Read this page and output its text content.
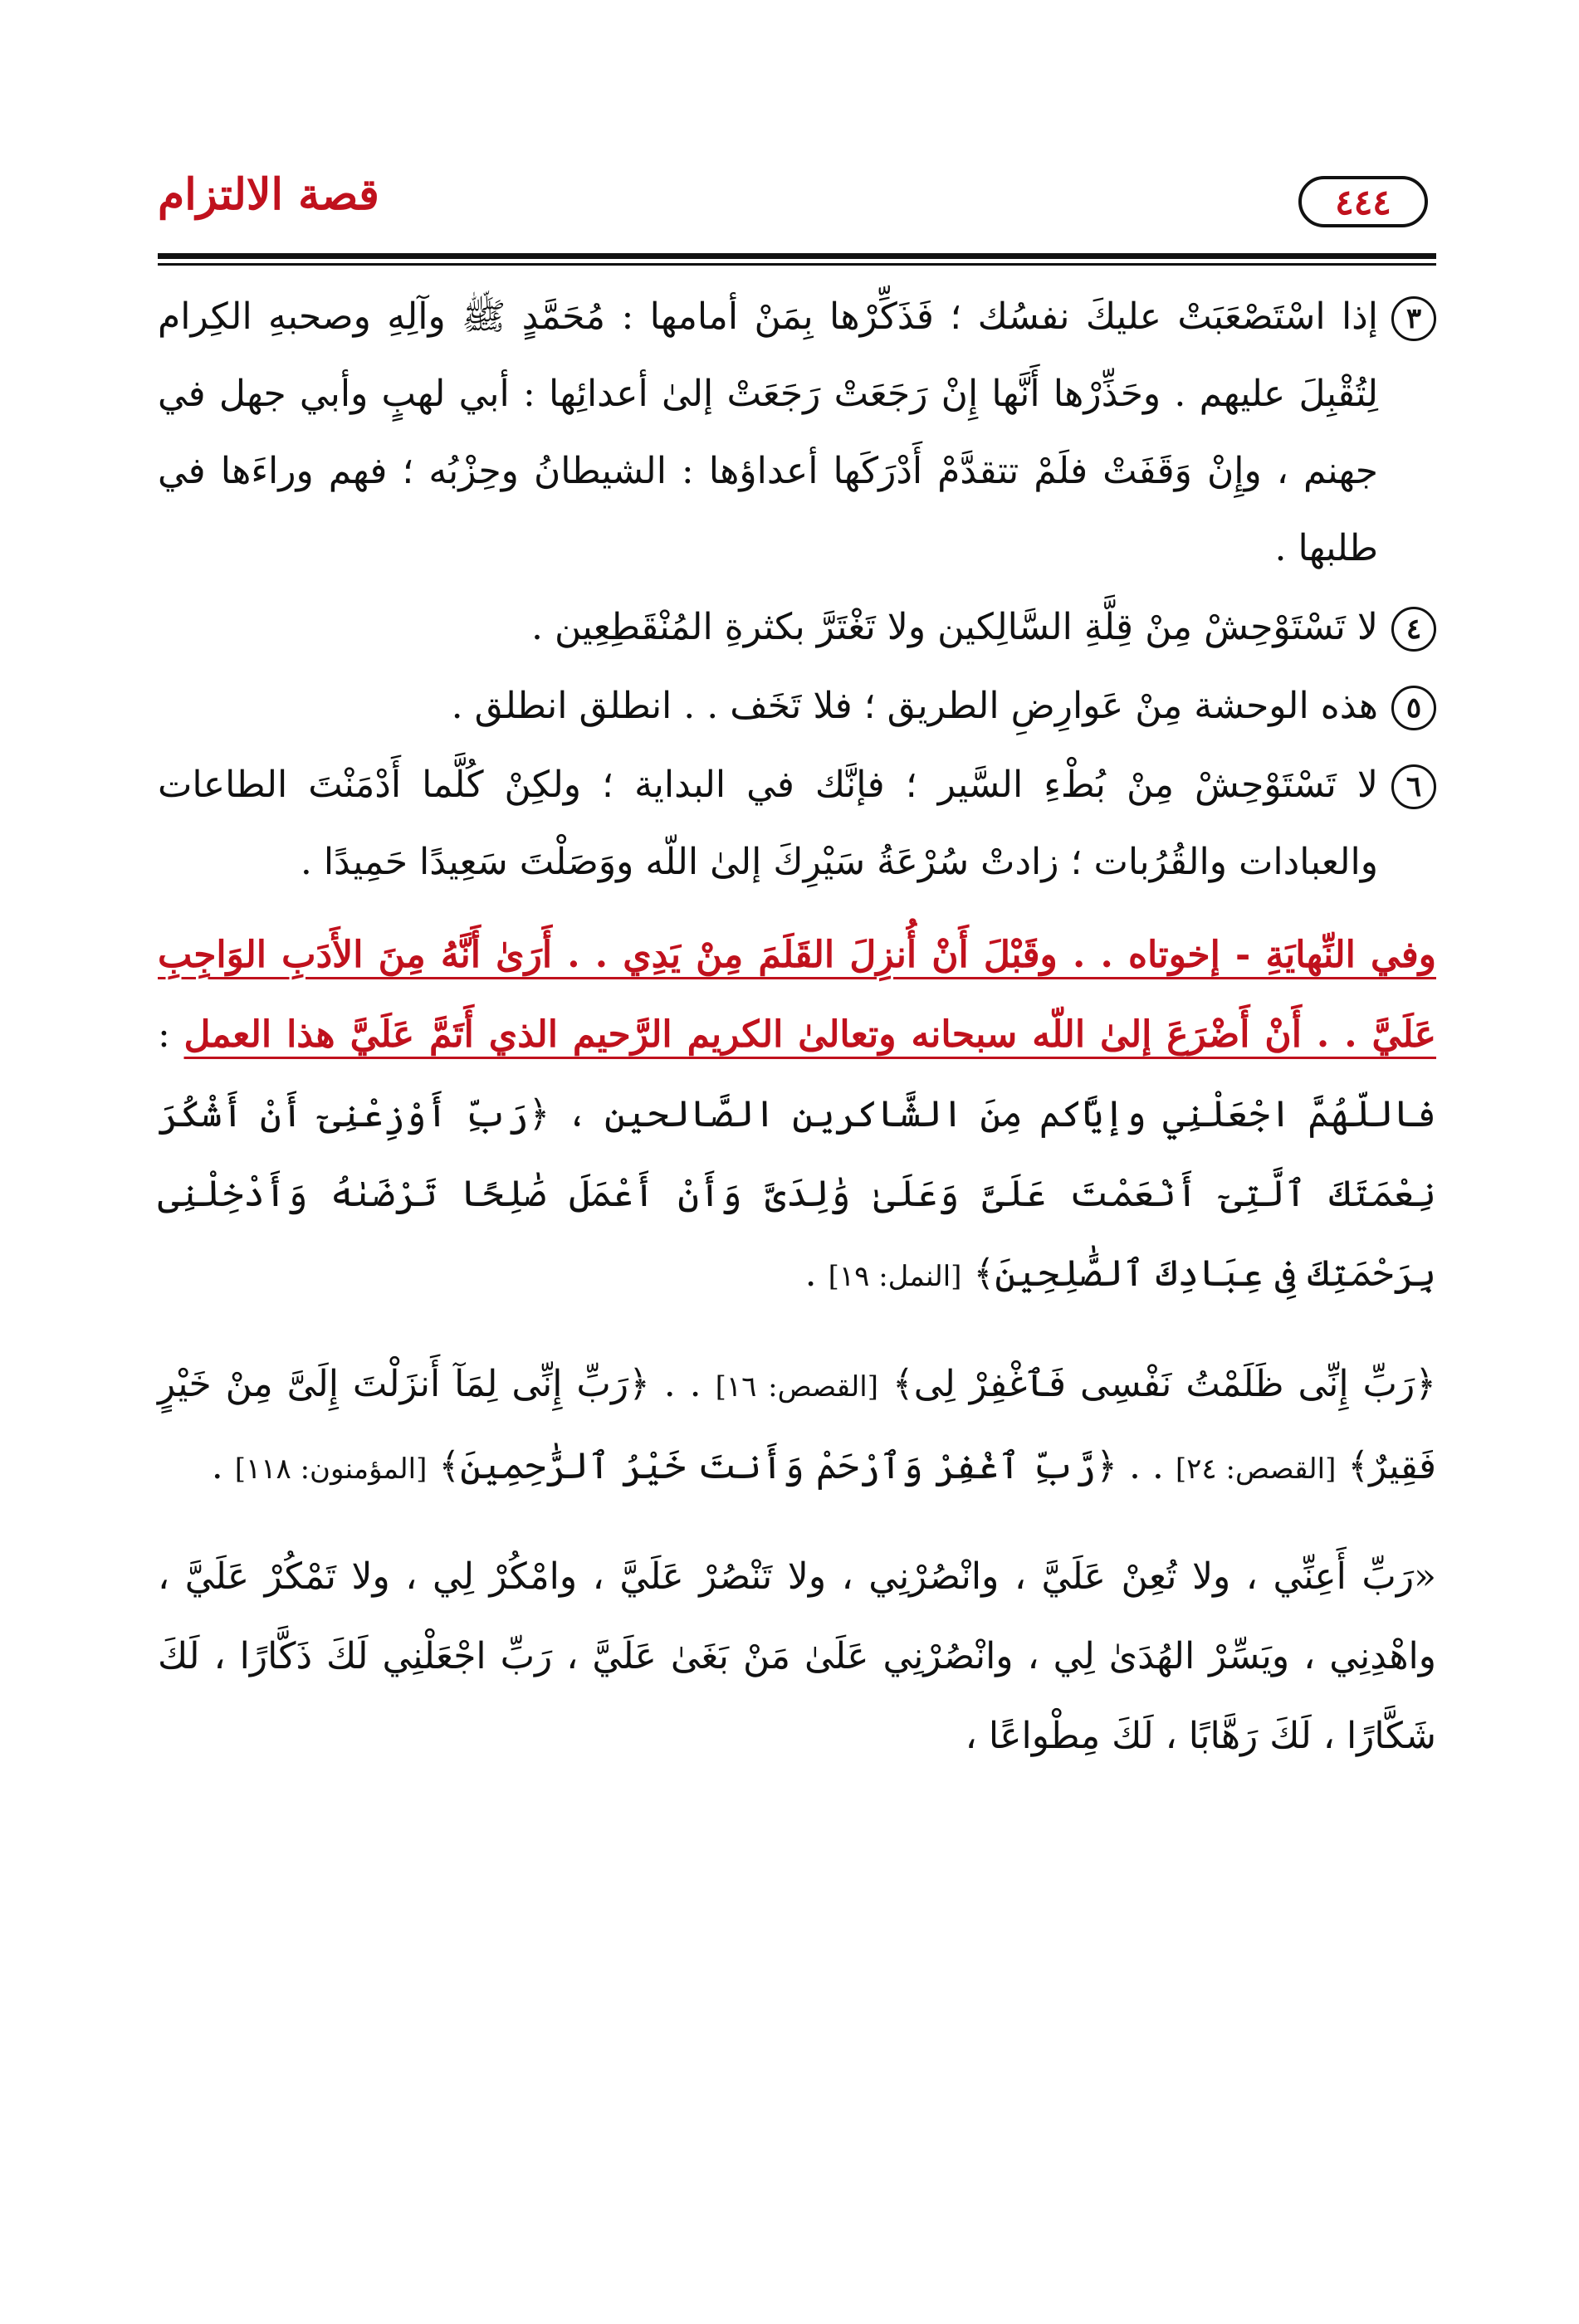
٤٤٤
قصة الالتزام
٣
إذا اسْتَصْعَبَتْ عليكَ نفسُك ؛ فَذَكِّرْها بِمَنْ أمامها : مُحَمَّدٍ ﷺ وآلِهِ وصحبهِ الكِرام لِتُقْبِلَ عليهم . وحَذِّرْها أَنَّها إِنْ رَجَعَتْ رَجَعَتْ إلىٰ أعدائِها : أبي لهبٍ وأبي جهل في جهنم ، وإِنْ وَقَفَتْ فلَمْ تتقدَّمْ أَدْرَكَها أعداؤها : الشيطانُ وحِزْبُه ؛ فهم وراءَها في طلبها .
٤
لا تَسْتَوْحِشْ مِنْ قِلَّةِ السَّالِكين ولا تَغْتَرَّ بكثرةِ المُنْقَطِعِين .
٥
هذه الوحشة مِنْ عَوارِضِ الطريق ؛ فلا تَخَف . . انطلق انطلق .
٦
لا تَسْتَوْحِشْ مِنْ بُطْءِ السَّير ؛ فإنَّك في البداية ؛ ولكِنْ كُلَّما أَدْمَنْتَ الطاعات والعبادات والقُرُبات ؛ زادتْ سُرْعَةُ سَيْرِكَ إلىٰ اللّه ووَصَلْتَ سَعِيدًا حَمِيدًا .
وفي النِّهايَةِ - إخوتاه . . وقَبْلَ أَنْ أُنزِلَ القَلَمَ مِنْ يَدِي . . أَرَىٰ أَنَّهُ مِنَ الأَدَبِ الوَاجِبِ عَلَيَّ . . أَنْ أَضْرَعَ إلىٰ اللّه سبحانه وتعالىٰ الكريم الرَّحيم الذي أَتَمَّ عَلَيَّ هذا العمل : فاللّهُمَّ اجْعَلْنِي وإيَّاكم مِنَ الشَّاكرين الصَّالحين ، ﴿رَبِّ أَوْزِعْنِىٓ أَنْ أَشْكُرَ نِعْمَتَكَ ٱلَّتِىٓ أَنْعَمْتَ عَلَىَّ وَعَلَىٰ وَٰلِدَىَّ وَأَنْ أَعْمَلَ صَٰلِحًا تَرْضَىٰهُ وَأَدْخِلْنِى بِرَحْمَتِكَ فِى عِبَادِكَ ٱلصَّٰلِحِينَ﴾ [النمل: ١٩] .
﴿رَبِّ إِنِّى ظَلَمْتُ نَفْسِى فَٱغْفِرْ لِى﴾ [القصص: ١٦] . . ﴿رَبِّ إِنِّى لِمَآ أَنزَلْتَ إِلَىَّ مِنْ خَيْرٍ فَقِيرٌ﴾ [القصص: ٢٤] . . ﴿رَّبِّ ٱغْفِرْ وَٱرْحَمْ وَأَنتَ خَيْرُ ٱلرَّٰحِمِينَ﴾ [المؤمنون: ١١٨] .
«رَبِّ أَعِنِّي ، ولا تُعِنْ عَلَيَّ ، وانْصُرْنِي ، ولا تَنْصُرْ عَلَيَّ ، وامْكُرْ لِي ، ولا تَمْكُرْ عَلَيَّ ، واهْدِنِي ، ويَسِّرْ الهُدَىٰ لِي ، وانْصُرْنِي عَلَىٰ مَنْ بَغَىٰ عَلَيَّ ، رَبِّ اجْعَلْنِي لَكَ ذَكَّارًا ، لَكَ شَكَّارًا ، لَكَ رَهَّابًا ، لَكَ مِطْواعًا ،
